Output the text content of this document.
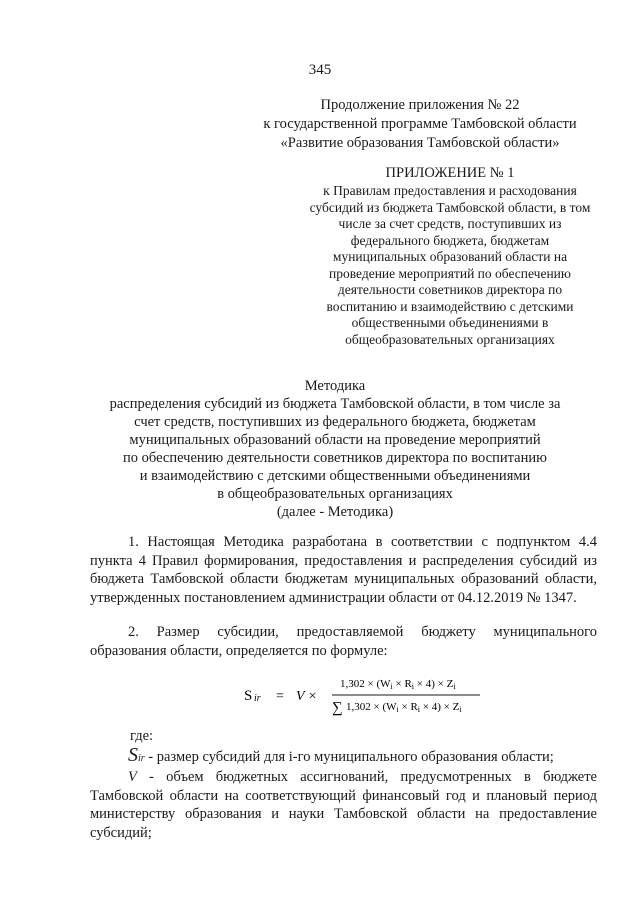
345
Продолжение приложения № 22
к государственной программе Тамбовской области
«Развитие образования Тамбовской области»
ПРИЛОЖЕНИЕ № 1
к Правилам предоставления и расходования
субсидий из бюджета Тамбовской области, в том
числе за счет средств, поступивших из
федерального бюджета, бюджетам
муниципальных образований области на
проведение мероприятий по обеспечению
деятельности советников директора по
воспитанию и взаимодействию с детскими
общественными объединениями в
общеобразовательных организациях
Методика
распределения субсидий из бюджета Тамбовской области, в том числе за
счет средств, поступивших из федерального бюджета, бюджетам
муниципальных образований области на проведение мероприятий
по обеспечению деятельности советников директора по воспитанию
и взаимодействию с детскими общественными объединениями
в общеобразовательных организациях
(далее - Методика)
1. Настоящая Методика разработана в соответствии с подпунктом 4.4 пункта 4 Правил формирования, предоставления и распределения субсидий из бюджета Тамбовской области бюджетам муниципальных образований области, утвержденных постановлением администрации области от 04.12.2019 № 1347.
2. Размер субсидии, предоставляемой бюджету муниципального образования области, определяется по формуле:
S ir = V ×
1,302 × (Wi × Ri × 4) × Zi
∑ 1,302 × (Wi × Ri × 4) × Zi
где:
Sir - размер субсидий для i-го муниципального образования области;
V - объем бюджетных ассигнований, предусмотренных в бюджете Тамбовской области на соответствующий финансовый год и плановый период министерству образования и науки Тамбовской области на предоставление субсидий;
